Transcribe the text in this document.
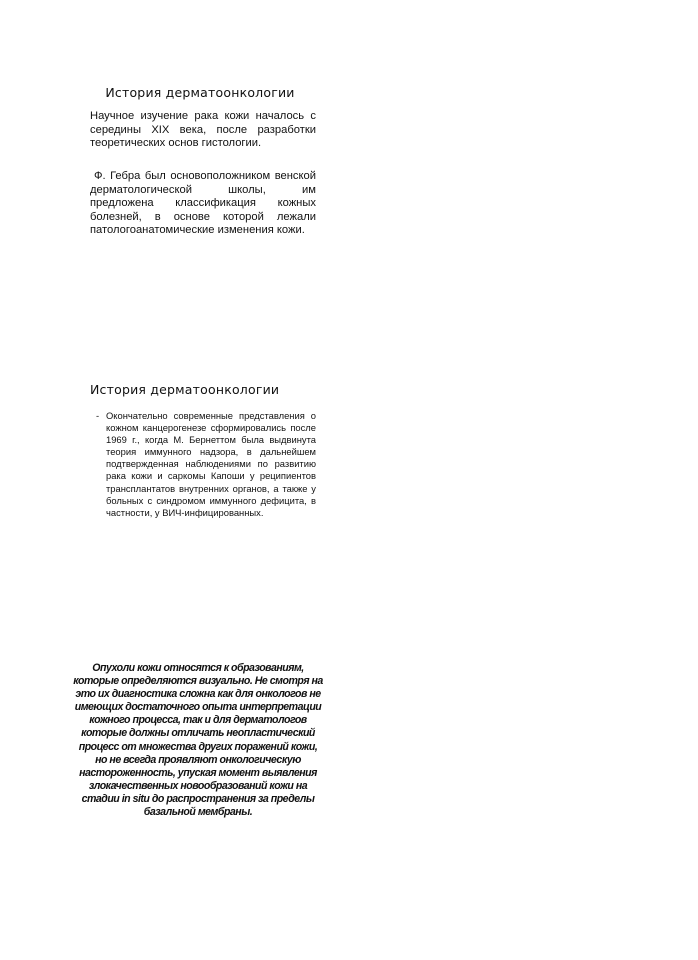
История дерматоонкологии

Научное изучение рака кожи началось с середины XIX века, после разработки теоретических основ гистологии.

Ф. Гебра был основоположником венской дерматологической школы, им предложена классификация кожных болезней, в основе которой лежали патологоанатомические изменения кожи.

История дерматоонкологии
- Окончательно современные представления о кожном канцерогенезе сформировались после 1969 г., когда М. Бернеттом была выдвинута теория иммунного надзора, в дальнейшем подтвержденная наблюдениями по развитию рака кожи и саркомы Капоши у реципиентов трансплантатов внутренних органов, а также у больных с синдромом иммунного дефицита, в частности, у ВИЧ-инфицированных.

Опухоли кожи относятся к образованиям, которые определяются визуально. Не смотря на это их диагностика сложна как для онкологов не имеющих достаточного опыта интерпретации кожного процесса, так и для дерматологов которые должны отличать неопластический процесс от множества других поражений кожи, но не всегда проявляют онкологическую настороженность, упуская момент выявления злокачественных новообразований кожи на стадии in situ до распространения за пределы базальной мембраны.
